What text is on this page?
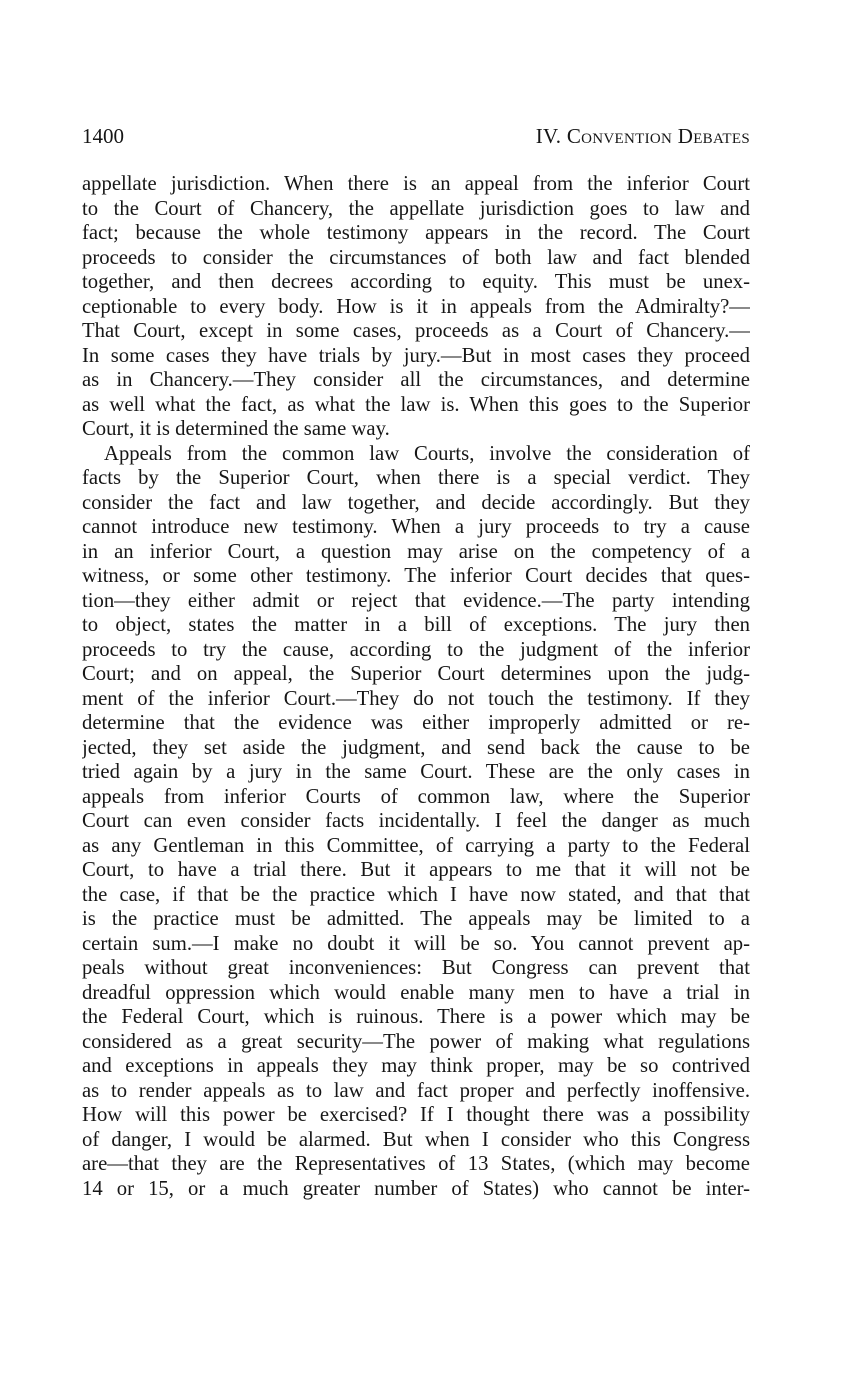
1400	IV. Convention Debates
appellate jurisdiction. When there is an appeal from the inferior Court
to the Court of Chancery, the appellate jurisdiction goes to law and
fact; because the whole testimony appears in the record. The Court
proceeds to consider the circumstances of both law and fact blended
together, and then decrees according to equity. This must be unex-
ceptionable to every body. How is it in appeals from the Admiralty?—
That Court, except in some cases, proceeds as a Court of Chancery.—
In some cases they have trials by jury.—But in most cases they proceed
as in Chancery.—They consider all the circumstances, and determine
as well what the fact, as what the law is. When this goes to the Superior
Court, it is determined the same way.
Appeals from the common law Courts, involve the consideration of
facts by the Superior Court, when there is a special verdict. They
consider the fact and law together, and decide accordingly. But they
cannot introduce new testimony. When a jury proceeds to try a cause
in an inferior Court, a question may arise on the competency of a
witness, or some other testimony. The inferior Court decides that ques-
tion—they either admit or reject that evidence.—The party intending
to object, states the matter in a bill of exceptions. The jury then
proceeds to try the cause, according to the judgment of the inferior
Court; and on appeal, the Superior Court determines upon the judg-
ment of the inferior Court.—They do not touch the testimony. If they
determine that the evidence was either improperly admitted or re-
jected, they set aside the judgment, and send back the cause to be
tried again by a jury in the same Court. These are the only cases in
appeals from inferior Courts of common law, where the Superior
Court can even consider facts incidentally. I feel the danger as much
as any Gentleman in this Committee, of carrying a party to the Federal
Court, to have a trial there. But it appears to me that it will not be
the case, if that be the practice which I have now stated, and that that
is the practice must be admitted. The appeals may be limited to a
certain sum.—I make no doubt it will be so. You cannot prevent ap-
peals without great inconveniences: But Congress can prevent that
dreadful oppression which would enable many men to have a trial in
the Federal Court, which is ruinous. There is a power which may be
considered as a great security—The power of making what regulations
and exceptions in appeals they may think proper, may be so contrived
as to render appeals as to law and fact proper and perfectly inoffensive.
How will this power be exercised? If I thought there was a possibility
of danger, I would be alarmed. But when I consider who this Congress
are—that they are the Representatives of 13 States, (which may become
14 or 15, or a much greater number of States) who cannot be inter-
